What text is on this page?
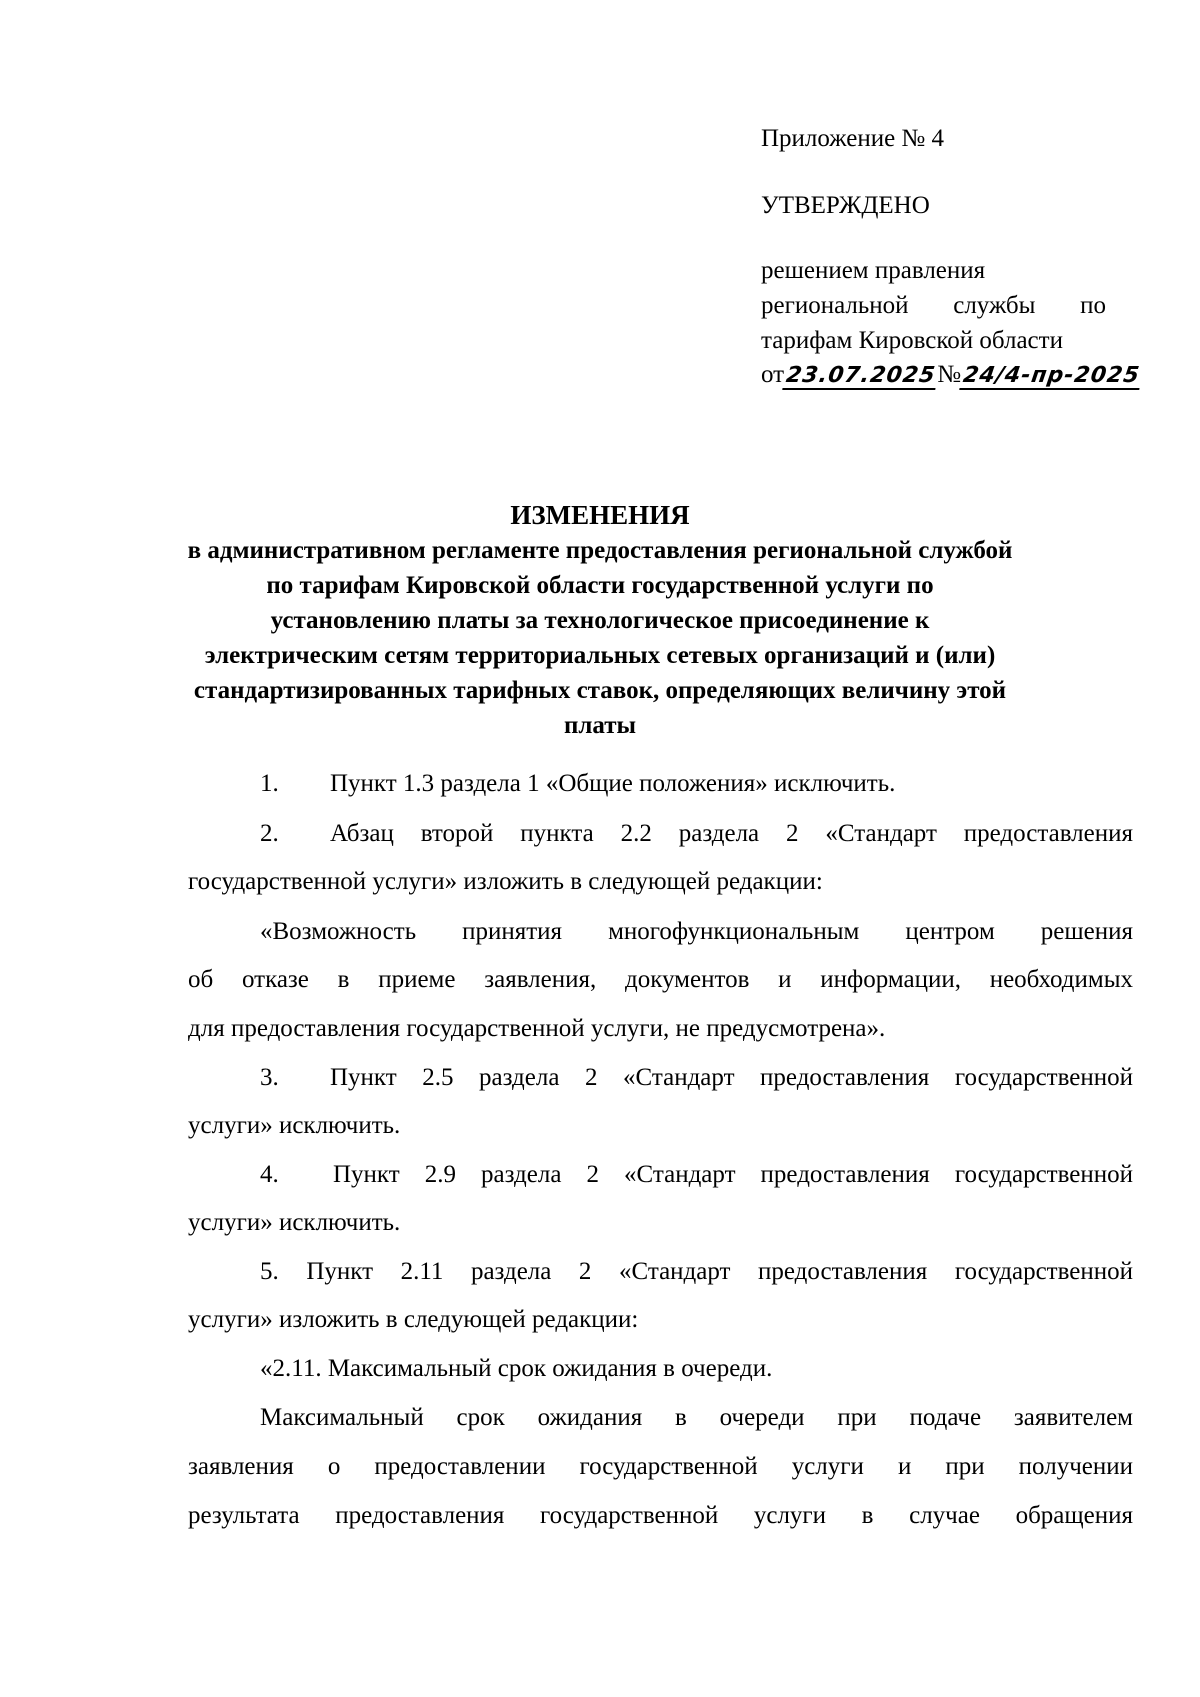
Приложение № 4
УТВЕРЖДЕНО
решением правления
региональной службы по
тарифам Кировской области
от23.07.2025№24/4-пр-2025
ИЗМЕНЕНИЯ
в административном регламенте предоставления региональной службой
по тарифам Кировской области государственной услуги по
установлению платы за технологическое присоединение к
электрическим сетям территориальных сетевых организаций и (или)
стандартизированных тарифных ставок, определяющих величину этой
платы
1. Пункт 1.3 раздела 1 «Общие положения» исключить.
2. Абзац второй пункта 2.2 раздела 2 «Стандарт предоставления
государственной услуги» изложить в следующей редакции:
«Возможность принятия многофункциональным центром решения
об отказе в приеме заявления, документов и информации, необходимых
для предоставления государственной услуги, не предусмотрена».
3. Пункт 2.5 раздела 2 «Стандарт предоставления государственной
услуги» исключить.
4. Пункт 2.9 раздела 2 «Стандарт предоставления государственной
услуги» исключить.
5. Пункт 2.11 раздела 2 «Стандарт предоставления государственной
услуги» изложить в следующей редакции:
«2.11. Максимальный срок ожидания в очереди.
Максимальный срок ожидания в очереди при подаче заявителем
заявления о предоставлении государственной услуги и при получении
результата предоставления государственной услуги в случае обращения
